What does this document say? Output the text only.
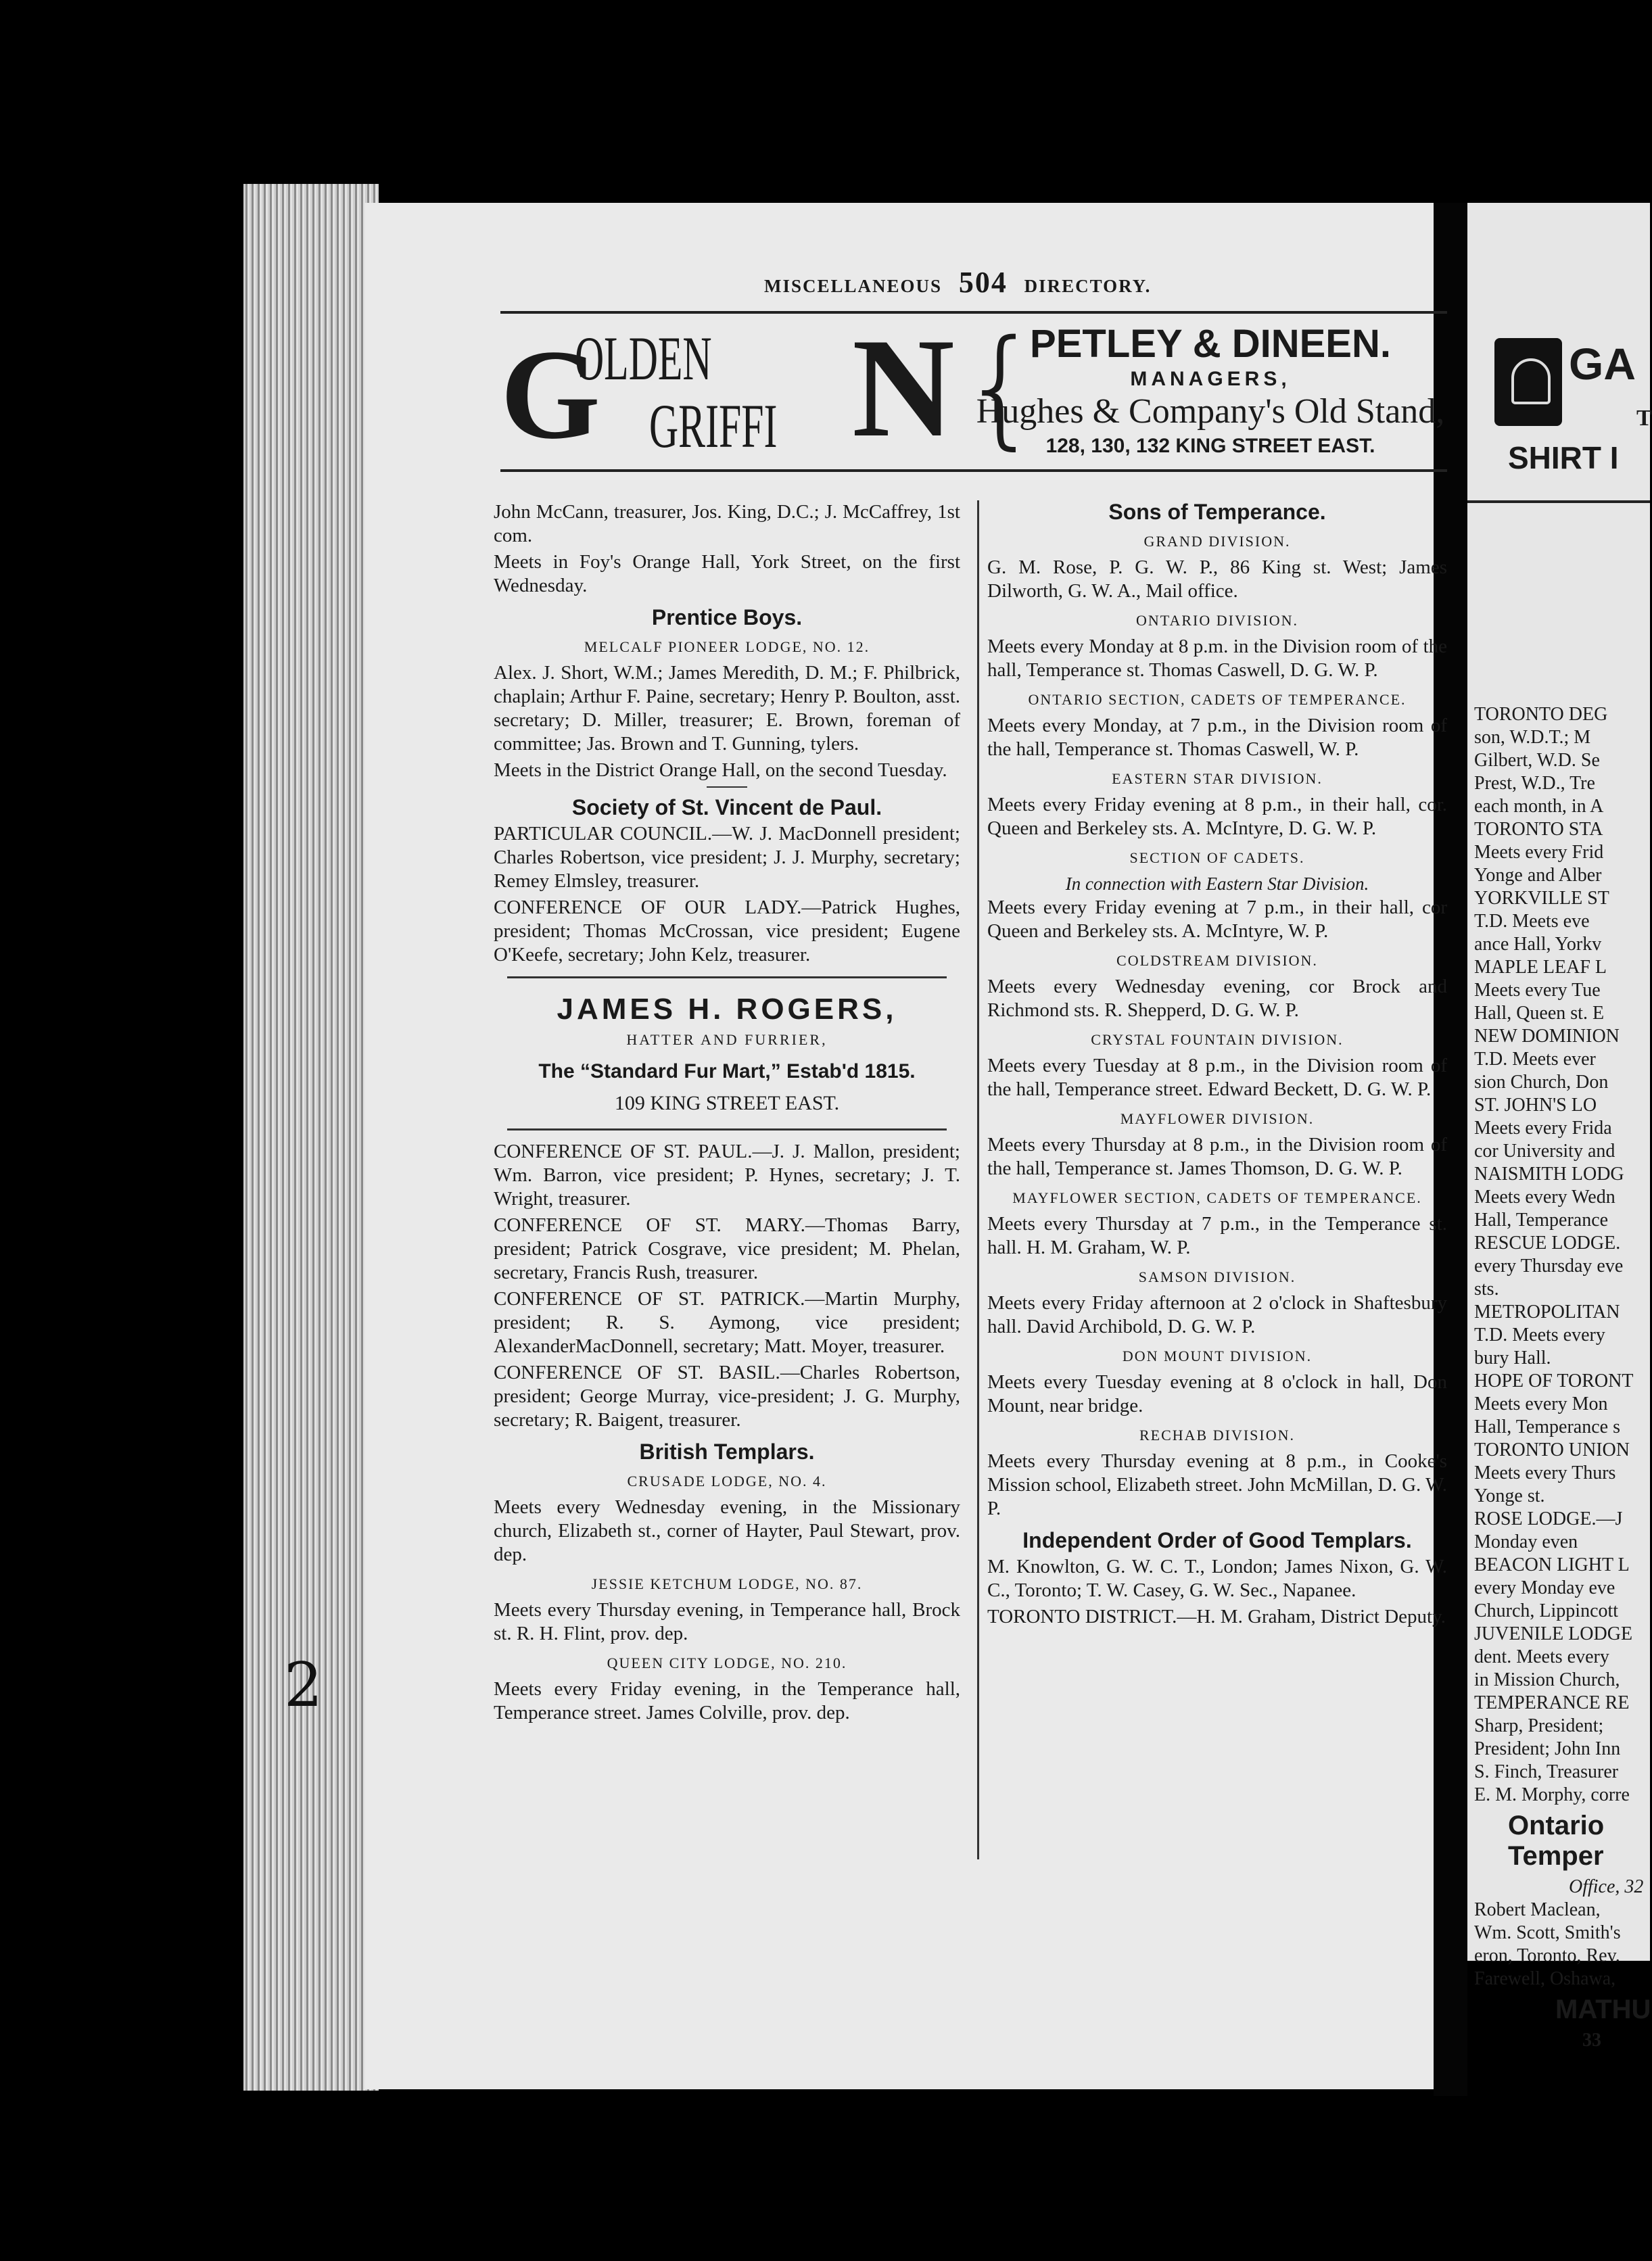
GA
T
SHIRT I
TORONTO DEG
son, W.D.T.; M
Gilbert, W.D. Se
Prest, W.D., Tre
each month, in A
TORONTO STA
Meets every Frid
Yonge and Alber
YORKVILLE ST
T.D. Meets eve
ance Hall, Yorkv
MAPLE LEAF L
Meets every Tue
Hall, Queen st. E
NEW DOMINION
T.D. Meets ever
sion Church, Don
ST. JOHN'S LO
Meets every Frida
cor University and
NAISMITH LODG
Meets every Wedn
Hall, Temperance
RESCUE LODGE.
every Thursday eve
sts.
METROPOLITAN
T.D. Meets every
bury Hall.
HOPE OF TORONT
Meets every Mon
Hall, Temperance s
TORONTO UNION
Meets every Thurs
Yonge st.
ROSE LODGE.—J
Monday even
BEACON LIGHT L
every Monday eve
Church, Lippincott
JUVENILE LODGE
dent. Meets every
in Mission Church,
TEMPERANCE RE
Sharp, President;
President; John Inn
S. Finch, Treasurer
E. M. Morphy, corre
Ontario Temper
Office, 32
Robert Maclean,
Wm. Scott, Smith's
eron, Toronto, Rev.
Farewell, Oshawa,
MATHU
33
MISCELLANEOUS 504 DIRECTORY.
G
OLDEN
GRIFFI N {
PETLEY & DINEEN.
MANAGERS,
Hughes & Company's Old Stand,
128, 130, 132 KING STREET EAST.

John McCann, treasurer, Jos. King, D.C.; J. McCaffrey, 1st com.

Meets in Foy's Orange Hall, York Street, on the first Wednesday.

Prentice Boys.
MELCALF PIONEER LODGE, NO. 12.

Alex. J. Short, W.M.; James Meredith, D. M.; F. Philbrick, chaplain; Arthur F. Paine, secretary; Henry P. Boulton, asst. secretary; D. Miller, treasurer; E. Brown, foreman of committee; Jas. Brown and T. Gunning, tylers.

Meets in the District Orange Hall, on the second Tuesday.

Society of St. Vincent de Paul.

PARTICULAR COUNCIL.—W. J. MacDonnell president; Charles Robertson, vice president; J. J. Murphy, secretary; Remey Elmsley, treasurer.

CONFERENCE OF OUR LADY.—Patrick Hughes, president; Thomas McCrossan, vice president; Eugene O'Keefe, secretary; John Kelz, treasurer.

JAMES H. ROGERS,
HATTER AND FURRIER,
The “Standard Fur Mart,” Estab'd 1815.
109 KING STREET EAST.

CONFERENCE OF ST. PAUL.—J. J. Mallon, president; Wm. Barron, vice president; P. Hynes, secretary; J. T. Wright, treasurer.

CONFERENCE OF ST. MARY.—Thomas Barry, president; Patrick Cosgrave, vice president; M. Phelan, secretary, Francis Rush, treasurer.

CONFERENCE OF ST. PATRICK.—Martin Murphy, president; R. S. Aymong, vice president; AlexanderMacDonnell, secretary; Matt. Moyer, treasurer.

CONFERENCE OF ST. BASIL.—Charles Robertson, president; George Murray, vice-president; J. G. Murphy, secretary; R. Baigent, treasurer.

British Templars.
CRUSADE LODGE, NO. 4.

Meets every Wednesday evening, in the Missionary church, Elizabeth st., corner of Hayter, Paul Stewart, prov. dep.

JESSIE KETCHUM LODGE, NO. 87.

Meets every Thursday evening, in Temperance hall, Brock st. R. H. Flint, prov. dep.

QUEEN CITY LODGE, NO. 210.

Meets every Friday evening, in the Temperance hall, Temperance street. James Colville, prov. dep.

Sons of Temperance.
GRAND DIVISION.

G. M. Rose, P. G. W. P., 86 King st. West; James Dilworth, G. W. A., Mail office.

ONTARIO DIVISION.

Meets every Monday at 8 p.m. in the Division room of the hall, Temperance st. Thomas Caswell, D. G. W. P.

ONTARIO SECTION, CADETS OF TEMPERANCE.

Meets every Monday, at 7 p.m., in the Division room of the hall, Temperance st. Thomas Caswell, W. P.

EASTERN STAR DIVISION.

Meets every Friday evening at 8 p.m., in their hall, cor. Queen and Berkeley sts. A. McIntyre, D. G. W. P.

SECTION OF CADETS.
In connection with Eastern Star Division.

Meets every Friday evening at 7 p.m., in their hall, cor Queen and Berkeley sts. A. McIntyre, W. P.

COLDSTREAM DIVISION.

Meets every Wednesday evening, cor Brock and Richmond sts. R. Shepperd, D. G. W. P.

CRYSTAL FOUNTAIN DIVISION.

Meets every Tuesday at 8 p.m., in the Division room of the hall, Temperance street. Edward Beckett, D. G. W. P.

MAYFLOWER DIVISION.

Meets every Thursday at 8 p.m., in the Division room of the hall, Temperance st. James Thomson, D. G. W. P.

MAYFLOWER SECTION, CADETS OF TEMPERANCE.

Meets every Thursday at 7 p.m., in the Temperance st. hall. H. M. Graham, W. P.

SAMSON DIVISION.

Meets every Friday afternoon at 2 o'clock in Shaftesbury hall. David Archibold, D. G. W. P.

DON MOUNT DIVISION.

Meets every Tuesday evening at 8 o'clock in hall, Don Mount, near bridge.

RECHAB DIVISION.

Meets every Thursday evening at 8 p.m., in Cooke's Mission school, Elizabeth street. John McMillan, D. G. W. P.

Independent Order of Good Templars.

M. Knowlton, G. W. C. T., London; James Nixon, G. W. C., Toronto; T. W. Casey, G. W. Sec., Napanee.

TORONTO DISTRICT.—H. M. Graham, District Deputy.

2
